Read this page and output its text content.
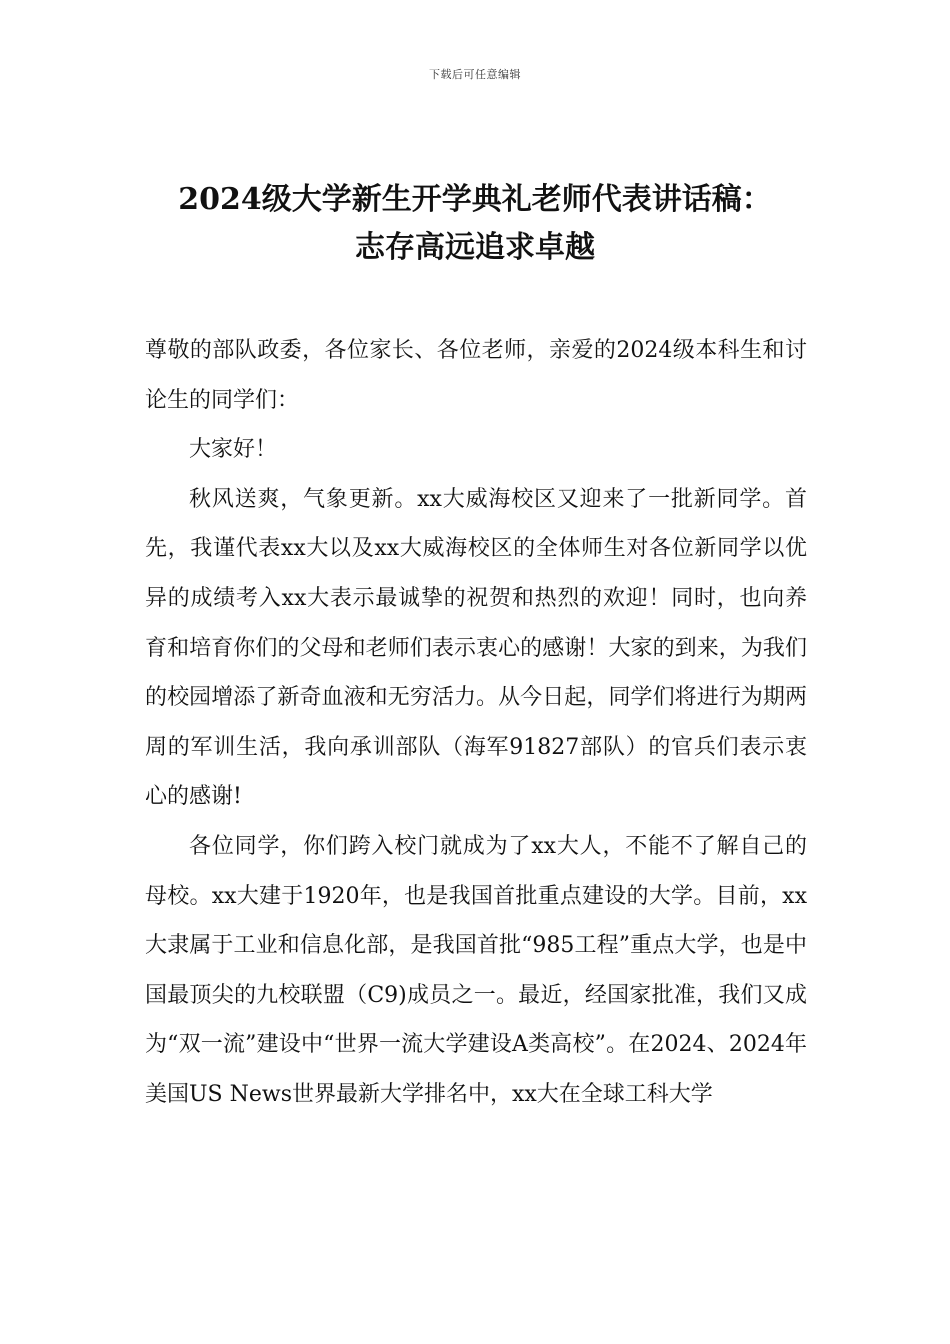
下载后可任意编辑
2024级大学新生开学典礼老师代表讲话稿：
志存高远追求卓越

尊敬的部队政委，各位家长、各位老师，亲爱的2024级本科生和讨论生的同学们：

大家好！

秋风送爽，气象更新。xx大威海校区又迎来了一批新同学。首先，我谨代表xx大以及xx大威海校区的全体师生对各位新同学以优异的成绩考入xx大表示最诚挚的祝贺和热烈的欢迎！同时，也向养育和培育你们的父母和老师们表示衷心的感谢！大家的到来，为我们的校园增添了新奇血液和无穷活力。从今日起，同学们将进行为期两周的军训生活，我向承训部队（海军91827部队）的官兵们表示衷心的感谢!

各位同学，你们跨入校门就成为了xx大人，不能不了解自己的母校。xx大建于1920年，也是我国首批重点建设的大学。目前，xx大隶属于工业和信息化部，是我国首批“985工程”重点大学，也是中国最顶尖的九校联盟（C9)成员之一。最近，经国家批准，我们又成为“双一流”建设中“世界一流大学建设A类高校”。在2024、2024年美国US News世界最新大学排名中，xx大在全球工科大学
